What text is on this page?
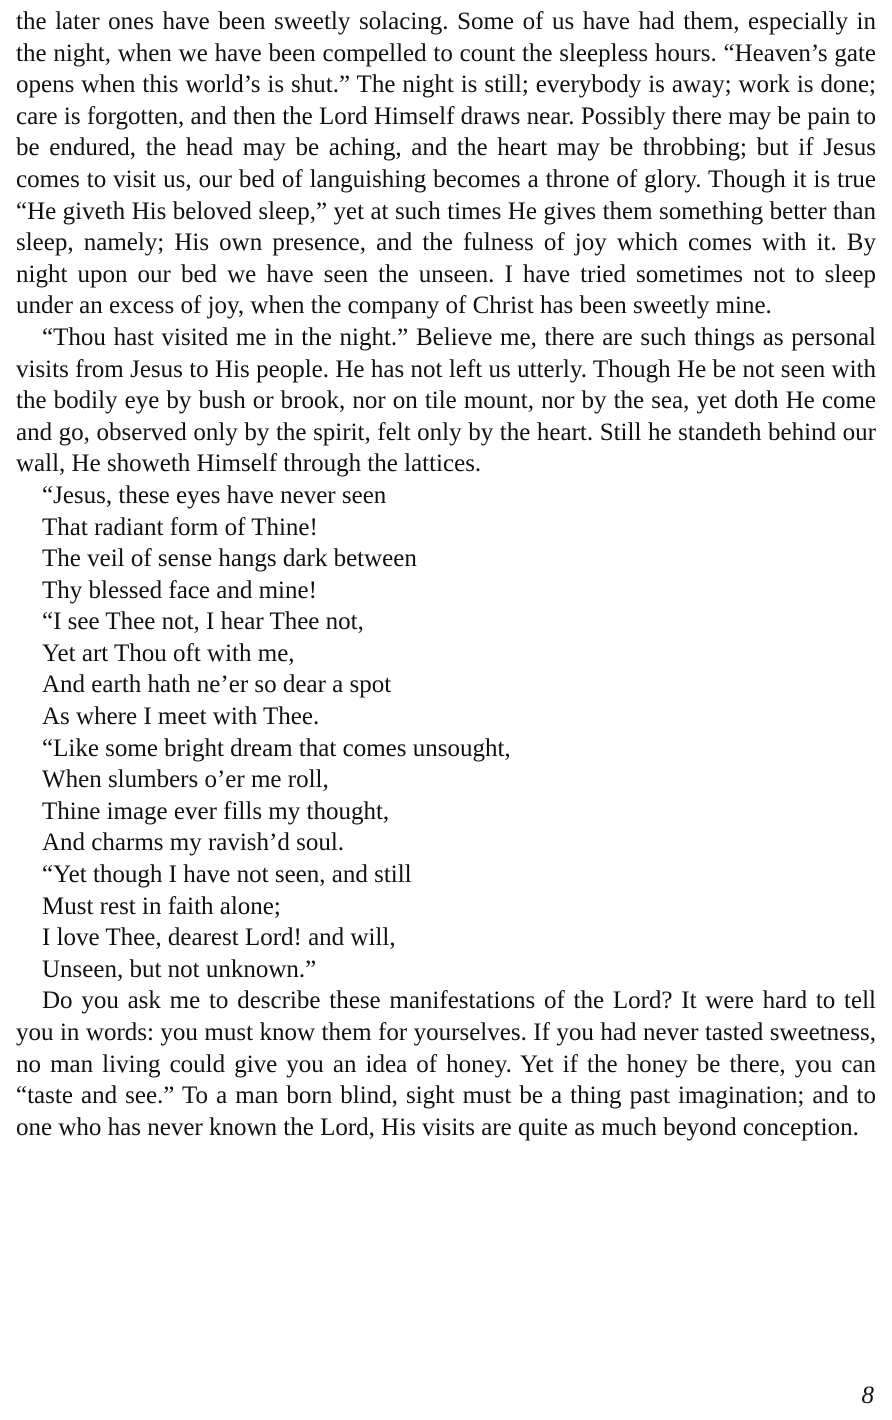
the later ones have been sweetly solacing. Some of us have had them, especially in the night, when we have been compelled to count the sleepless hours. “Heaven’s gate opens when this world’s is shut.” The night is still; everybody is away; work is done; care is forgotten, and then the Lord Himself draws near. Possibly there may be pain to be endured, the head may be aching, and the heart may be throbbing; but if Jesus comes to visit us, our bed of languishing becomes a throne of glory. Though it is true “He giveth His beloved sleep,” yet at such times He gives them something better than sleep, namely; His own presence, and the fulness of joy which comes with it. By night upon our bed we have seen the unseen. I have tried sometimes not to sleep under an excess of joy, when the company of Christ has been sweetly mine.

“Thou hast visited me in the night.” Believe me, there are such things as personal visits from Jesus to His people. He has not left us utterly. Though He be not seen with the bodily eye by bush or brook, nor on tile mount, nor by the sea, yet doth He come and go, observed only by the spirit, felt only by the heart. Still he standeth behind our wall, He showeth Himself through the lattices.

“Jesus, these eyes have never seen
That radiant form of Thine!
The veil of sense hangs dark between
Thy blessed face and mine!
“I see Thee not, I hear Thee not,
Yet art Thou oft with me,
And earth hath ne’er so dear a spot
As where I meet with Thee.
“Like some bright dream that comes unsought,
When slumbers o’er me roll,
Thine image ever fills my thought,
And charms my ravish’d soul.
“Yet though I have not seen, and still
Must rest in faith alone;
I love Thee, dearest Lord! and will,
Unseen, but not unknown.”

Do you ask me to describe these manifestations of the Lord? It were hard to tell you in words: you must know them for yourselves. If you had never tasted sweetness, no man living could give you an idea of honey. Yet if the honey be there, you can “taste and see.” To a man born blind, sight must be a thing past imagination; and to one who has never known the Lord, His visits are quite as much beyond conception.

8
